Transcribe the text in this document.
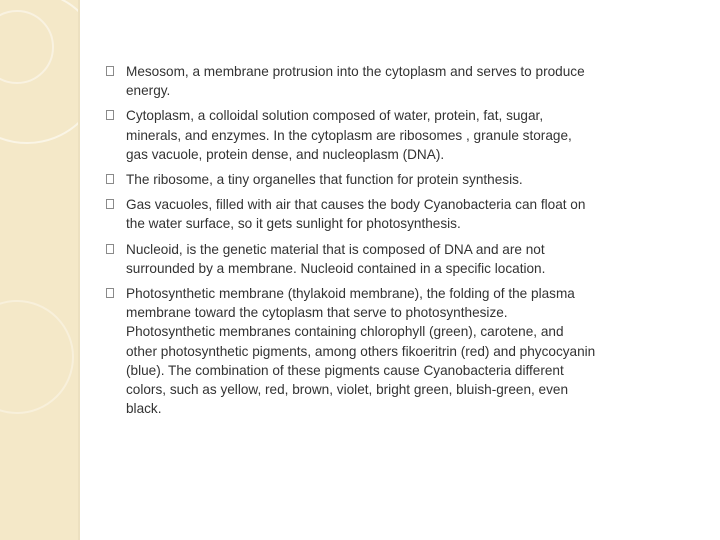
Mesosom, a membrane protrusion into the cytoplasm and serves to produce energy.
Cytoplasm, a colloidal solution composed of water, protein, fat, sugar, minerals, and enzymes. In the cytoplasm are ribosomes , granule storage, gas vacuole, protein dense, and nucleoplasm (DNA).
The ribosome, a tiny organelles that function for protein synthesis.
Gas vacuoles, filled with air that causes the body Cyanobacteria can float on the water surface, so it gets sunlight for photosynthesis.
Nucleoid, is the genetic material that is composed of DNA and are not surrounded by a membrane. Nucleoid contained in a specific location.
Photosynthetic membrane (thylakoid membrane), the folding of the plasma membrane toward the cytoplasm that serve to photosynthesize. Photosynthetic membranes containing chlorophyll (green), carotene, and other photosynthetic pigments, among others fikoeritrin (red) and phycocyanin (blue). The combination of these pigments cause Cyanobacteria different colors, such as yellow, red, brown, violet, bright green, bluish-green, even black.
